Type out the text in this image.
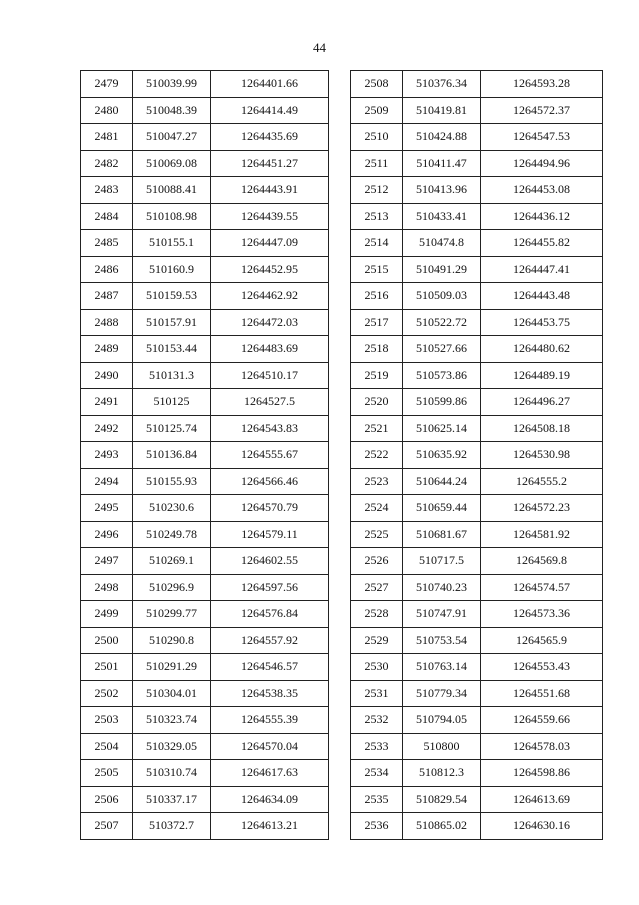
44
2479	510039.99	1264401.66
2480	510048.39	1264414.49
2481	510047.27	1264435.69
2482	510069.08	1264451.27
2483	510088.41	1264443.91
2484	510108.98	1264439.55
2485	510155.1	1264447.09
2486	510160.9	1264452.95
2487	510159.53	1264462.92
2488	510157.91	1264472.03
2489	510153.44	1264483.69
2490	510131.3	1264510.17
2491	510125	1264527.5
2492	510125.74	1264543.83
2493	510136.84	1264555.67
2494	510155.93	1264566.46
2495	510230.6	1264570.79
2496	510249.78	1264579.11
2497	510269.1	1264602.55
2498	510296.9	1264597.56
2499	510299.77	1264576.84
2500	510290.8	1264557.92
2501	510291.29	1264546.57
2502	510304.01	1264538.35
2503	510323.74	1264555.39
2504	510329.05	1264570.04
2505	510310.74	1264617.63
2506	510337.17	1264634.09
2507	510372.7	1264613.21
2508	510376.34	1264593.28
2509	510419.81	1264572.37
2510	510424.88	1264547.53
2511	510411.47	1264494.96
2512	510413.96	1264453.08
2513	510433.41	1264436.12
2514	510474.8	1264455.82
2515	510491.29	1264447.41
2516	510509.03	1264443.48
2517	510522.72	1264453.75
2518	510527.66	1264480.62
2519	510573.86	1264489.19
2520	510599.86	1264496.27
2521	510625.14	1264508.18
2522	510635.92	1264530.98
2523	510644.24	1264555.2
2524	510659.44	1264572.23
2525	510681.67	1264581.92
2526	510717.5	1264569.8
2527	510740.23	1264574.57
2528	510747.91	1264573.36
2529	510753.54	1264565.9
2530	510763.14	1264553.43
2531	510779.34	1264551.68
2532	510794.05	1264559.66
2533	510800	1264578.03
2534	510812.3	1264598.86
2535	510829.54	1264613.69
2536	510865.02	1264630.16
